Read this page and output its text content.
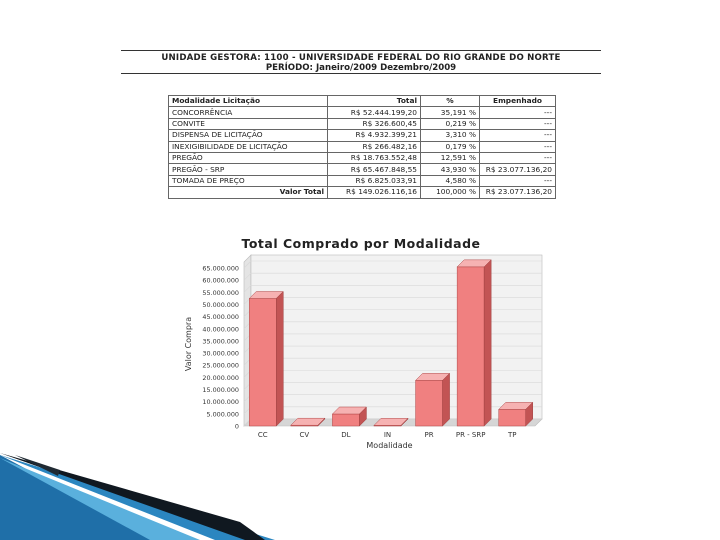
UNIDADE GESTORA: 1100 - UNIVERSIDADE FEDERAL DO RIO GRANDE DO NORTE
PERÍODO: Janeiro/2009 Dezembro/2009
Modalidade Licitação	Total	%	Empenhado
CONCORRÊNCIA	R$ 52.444.199,20	35,191 %	---
CONVITE	R$ 326.600,45	0,219 %	---
DISPENSA DE LICITAÇÃO	R$ 4.932.399,21	3,310 %	---
INEXIGIBILIDADE DE LICITAÇÃO	R$ 266.482,16	0,179 %	---
PREGÃO	R$ 18.763.552,48	12,591 %	---
PREGÃO - SRP	R$ 65.467.848,55	43,930 %	R$ 23.077.136,20
TOMADA DE PREÇO	R$ 6.825.033,91	4,580 %	---
Valor Total	R$ 149.026.116,16	100,000 %	R$ 23.077.136,20
Total Comprado por Modalidade
0
5.000.000
10.000.000
15.000.000
20.000.000
25.000.000
30.000.000
35.000.000
40.000.000
45.000.000
50.000.000
55.000.000
60.000.000
65.000.000
CC	CV	DL	IN	PR	PR - SRP	TP
Modalidade
Valor Compra
